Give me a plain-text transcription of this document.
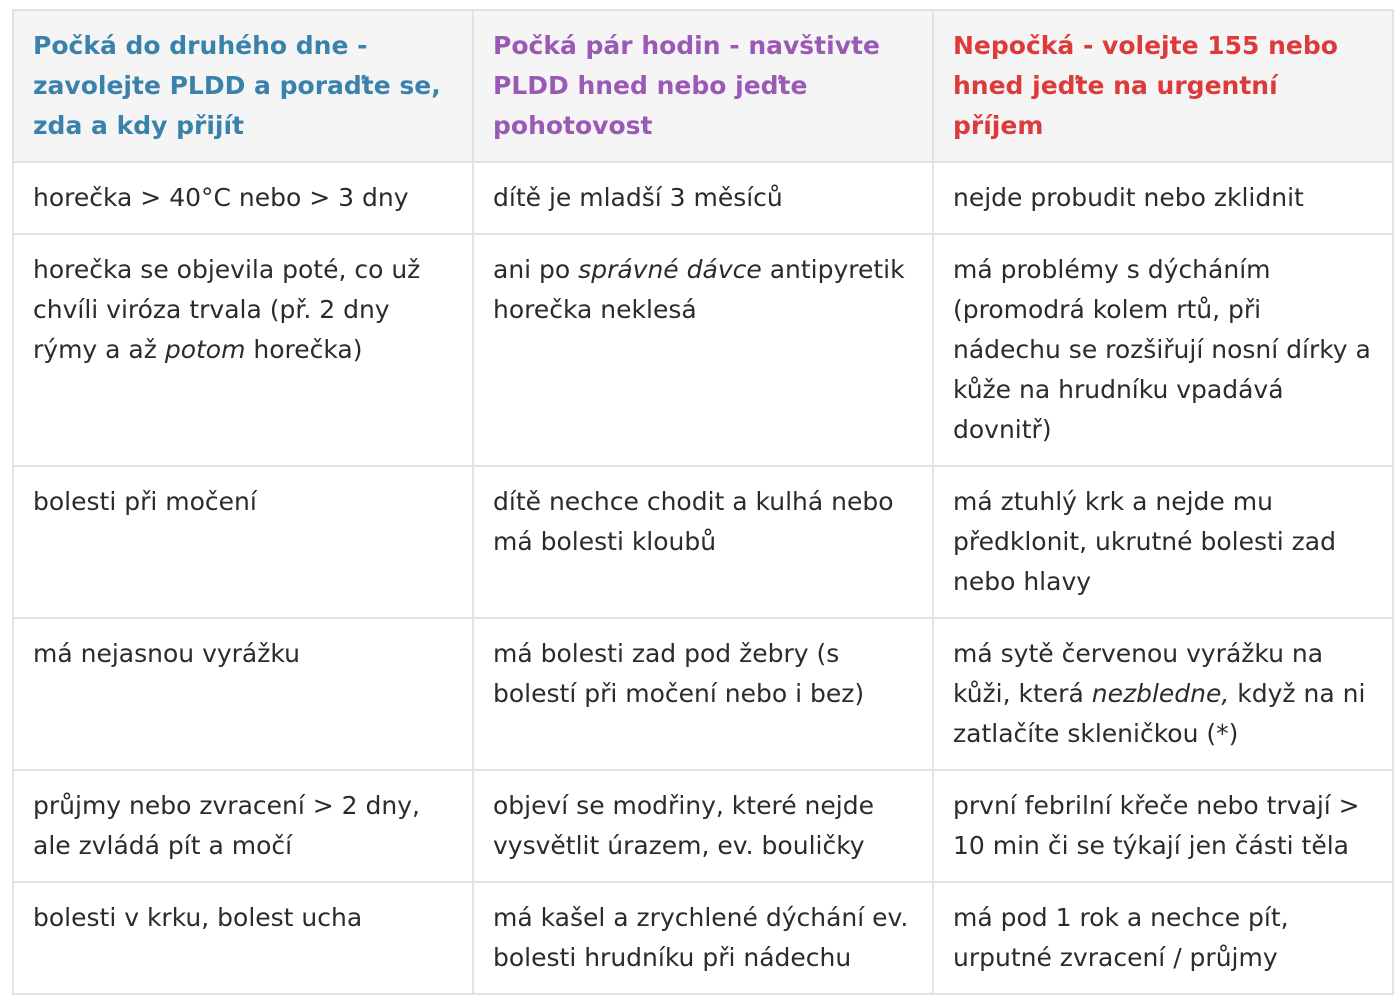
Počká do druhého dne - zavolejte PLDD a poraďte se, zda a kdy přijít	Počká pár hodin - navštivte PLDD hned nebo jeďte pohotovost	Nepočká - volejte 155 nebo hned jeďte na urgentní příjem
horečka > 40°C nebo > 3 dny	dítě je mladší 3 měsíců	nejde probudit nebo zklidnit
horečka se objevila poté, co už chvíli viróza trvala (př. 2 dny rýmy a až potom horečka)	ani po správné dávce antipyretik horečka neklesá	má problémy s dýcháním (promodrá kolem rtů, při nádechu se rozšiřují nosní dírky a kůže na hrudníku vpadává dovnitř)
bolesti při močení	dítě nechce chodit a kulhá nebo má bolesti kloubů	má ztuhlý krk a nejde mu předklonit, ukrutné bolesti zad nebo hlavy
má nejasnou vyrážku	má bolesti zad pod žebry (s bolestí při močení nebo i bez)	má sytě červenou vyrážku na kůži, která nezbledne, když na ni zatlačíte skleničkou (*)
průjmy nebo zvracení > 2 dny, ale zvládá pít a močí	objeví se modřiny, které nejde vysvětlit úrazem, ev. bouličky	první febrilní křeče nebo trvají > 10 min či se týkají jen části těla
bolesti v krku, bolest ucha	má kašel a zrychlené dýchání ev. bolesti hrudníku při nádechu	má pod 1 rok a nechce pít, urputné zvracení / průjmy
